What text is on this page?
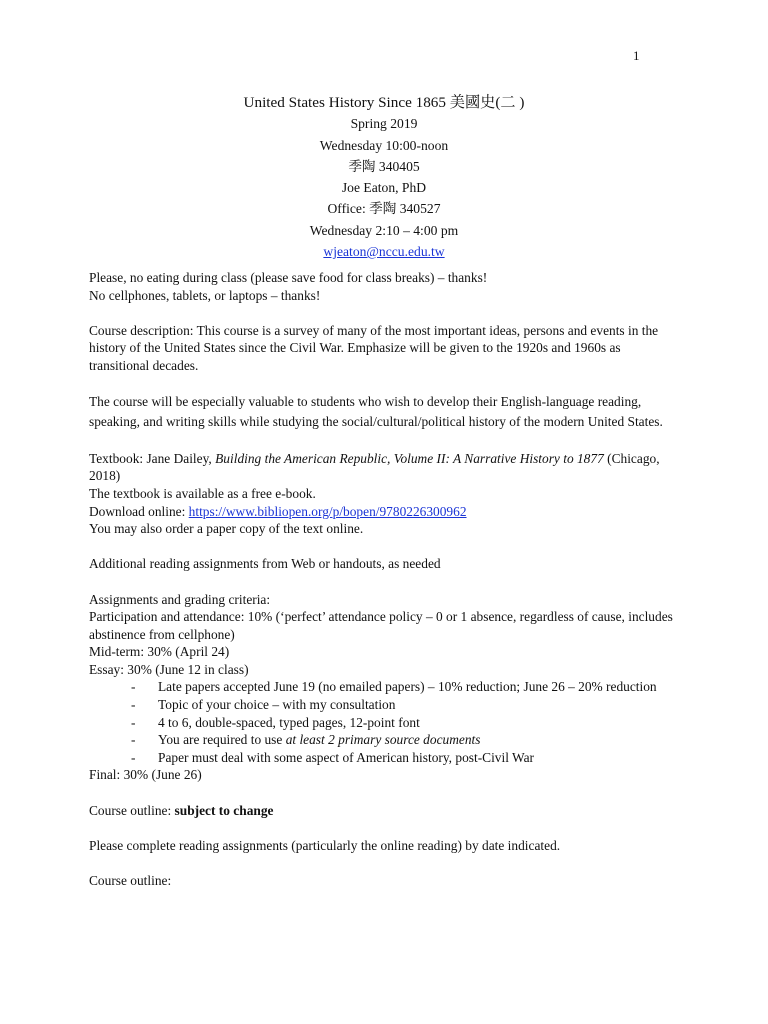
1
United States History Since 1865 美國史(二 )
Spring 2019
Wednesday 10:00-noon
季陶 340405
Joe Eaton, PhD
Office: 季陶 340527
Wednesday 2:10 – 4:00 pm
wjeaton@nccu.edu.tw

Please, no eating during class (please save food for class breaks) – thanks!

No cellphones, tablets, or laptops – thanks!

Course description: This course is a survey of many of the most important ideas, persons and events in the history of the United States since the Civil War. Emphasize will be given to the 1920s and 1960s as transitional decades.

The course will be especially valuable to students who wish to develop their English-language reading, speaking, and writing skills while studying the social/cultural/political history of the modern United States.

Textbook: Jane Dailey, Building the American Republic, Volume II: A Narrative History to 1877 (Chicago, 2018)

The textbook is available as a free e-book.

Download online: https://www.bibliopen.org/p/bopen/9780226300962

You may also order a paper copy of the text online.

Additional reading assignments from Web or handouts, as needed

Assignments and grading criteria:

Participation and attendance: 10% (‘perfect’ attendance policy – 0 or 1 absence, regardless of cause, includes abstinence from cellphone)

Mid-term: 30% (April 24)

Essay: 30% (June 12 in class)

- Late papers accepted June 19 (no emailed papers) – 10% reduction; June 26 – 20% reduction
- Topic of your choice – with my consultation
- 4 to 6, double-spaced, typed pages, 12-point font
- You are required to use at least 2 primary source documents
- Paper must deal with some aspect of American history, post-Civil War

Final: 30% (June 26)

Course outline: subject to change

Please complete reading assignments (particularly the online reading) by date indicated.

Course outline:
